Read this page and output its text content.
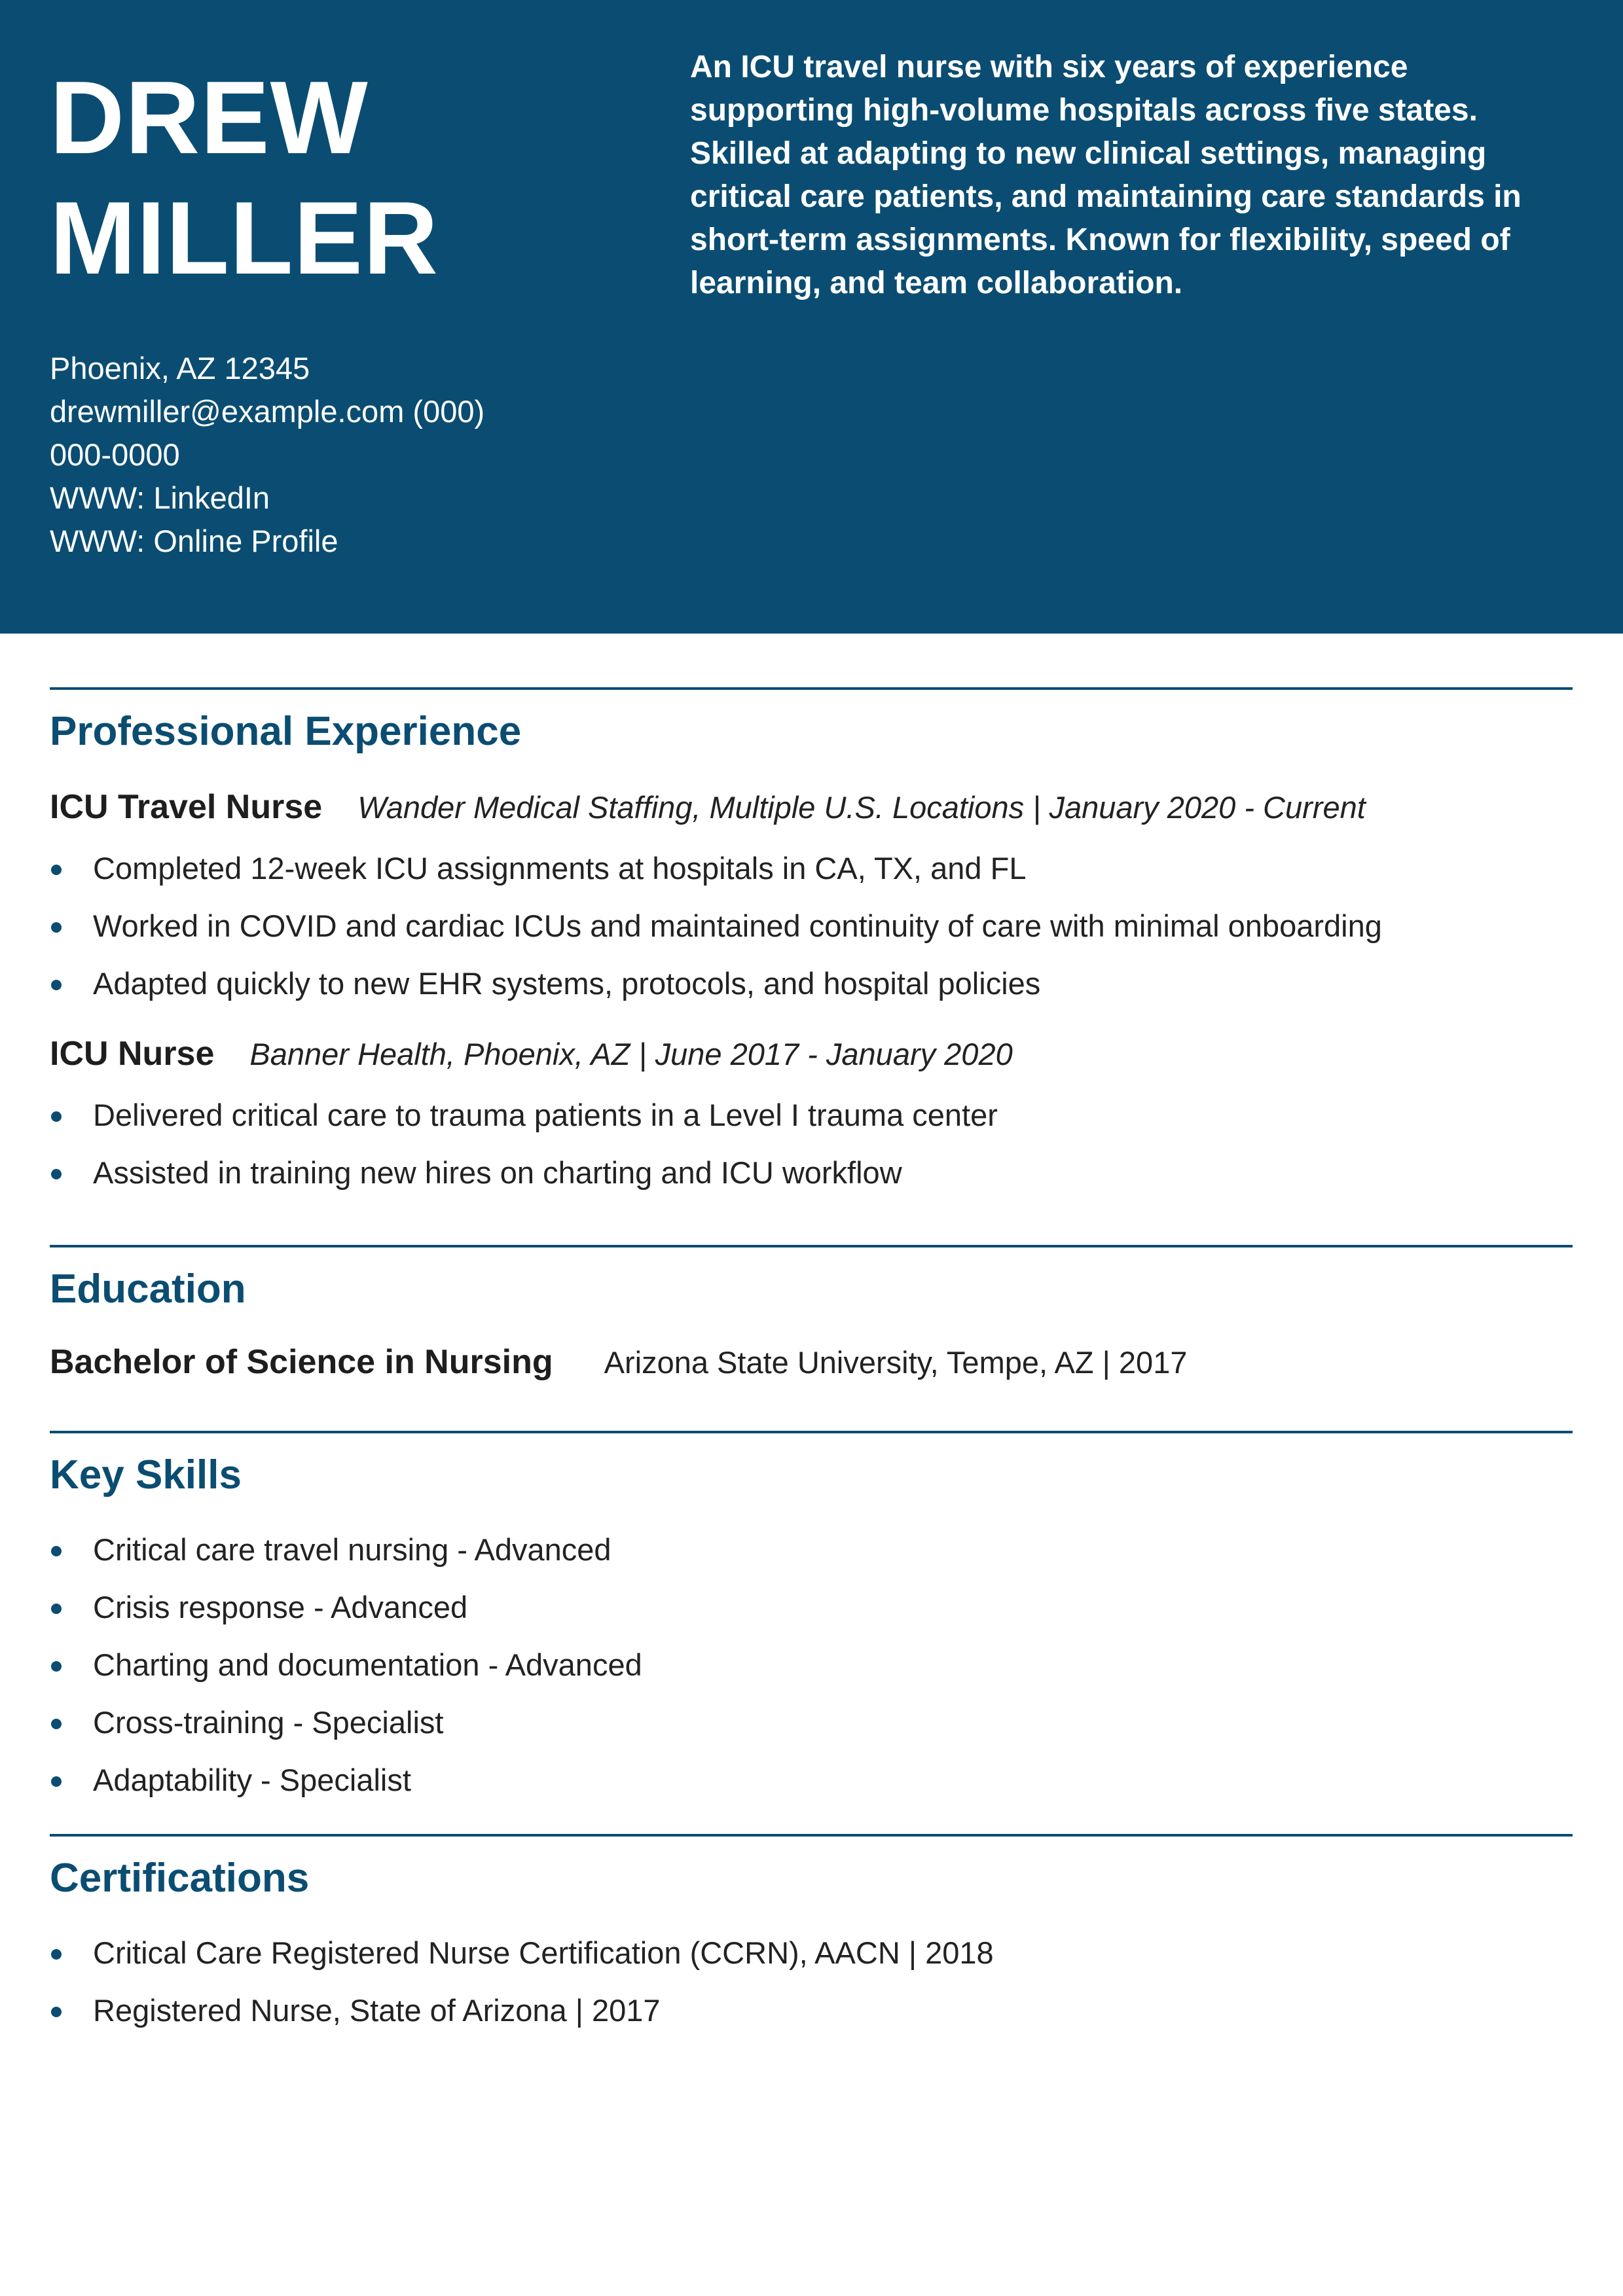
DREW
MILLER
An ICU travel nurse with six years of experience supporting high-volume hospitals across five states. Skilled at adapting to new clinical settings, managing critical care patients, and maintaining care standards in short-term assignments. Known for flexibility, speed of learning, and team collaboration.
Phoenix, AZ 12345
drewmiller@example.com (000)
000-0000
WWW: LinkedIn
WWW: Online Profile
Professional Experience
ICU Travel Nurse Wander Medical Staffing, Multiple U.S. Locations | January 2020 - Current
Completed 12-week ICU assignments at hospitals in CA, TX, and FL
Worked in COVID and cardiac ICUs and maintained continuity of care with minimal onboarding
Adapted quickly to new EHR systems, protocols, and hospital policies
ICU Nurse Banner Health, Phoenix, AZ | June 2017 - January 2020
Delivered critical care to trauma patients in a Level I trauma center
Assisted in training new hires on charting and ICU workflow
Education
Bachelor of Science in Nursing Arizona State University, Tempe, AZ | 2017
Key Skills
Critical care travel nursing - Advanced
Crisis response - Advanced
Charting and documentation - Advanced
Cross-training - Specialist
Adaptability - Specialist
Certifications
Critical Care Registered Nurse Certification (CCRN), AACN | 2018
Registered Nurse, State of Arizona | 2017
